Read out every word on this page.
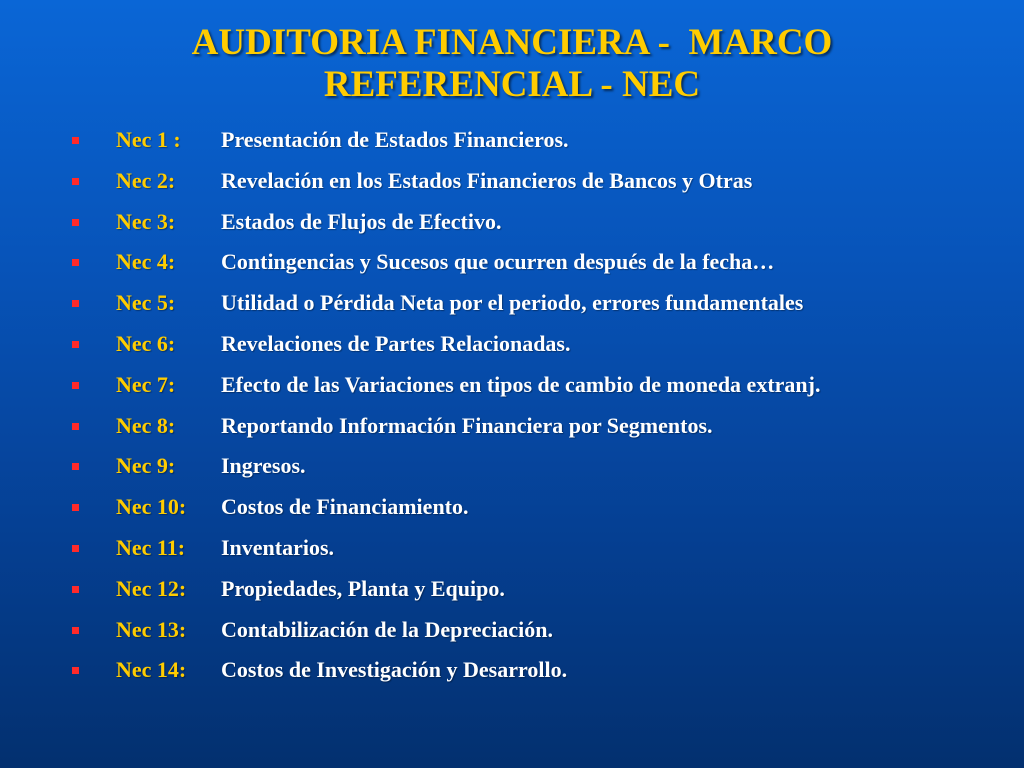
AUDITORIA FINANCIERA -  MARCO
REFERENCIAL - NEC
Nec 1 : Presentación de Estados Financieros.
Nec 2: Revelación en los Estados Financieros de Bancos y Otras
Nec 3: Estados de Flujos de Efectivo.
Nec 4: Contingencias y Sucesos que ocurren después de la fecha…
Nec 5: Utilidad o Pérdida Neta por el periodo, errores fundamentales
Nec 6: Revelaciones de Partes Relacionadas.
Nec 7: Efecto de las Variaciones en tipos de cambio de moneda extranj.
Nec 8: Reportando Información Financiera por Segmentos.
Nec 9: Ingresos.
Nec 10: Costos de Financiamiento.
Nec 11: Inventarios.
Nec 12: Propiedades, Planta y Equipo.
Nec 13: Contabilización de la Depreciación.
Nec 14: Costos de Investigación y Desarrollo.
